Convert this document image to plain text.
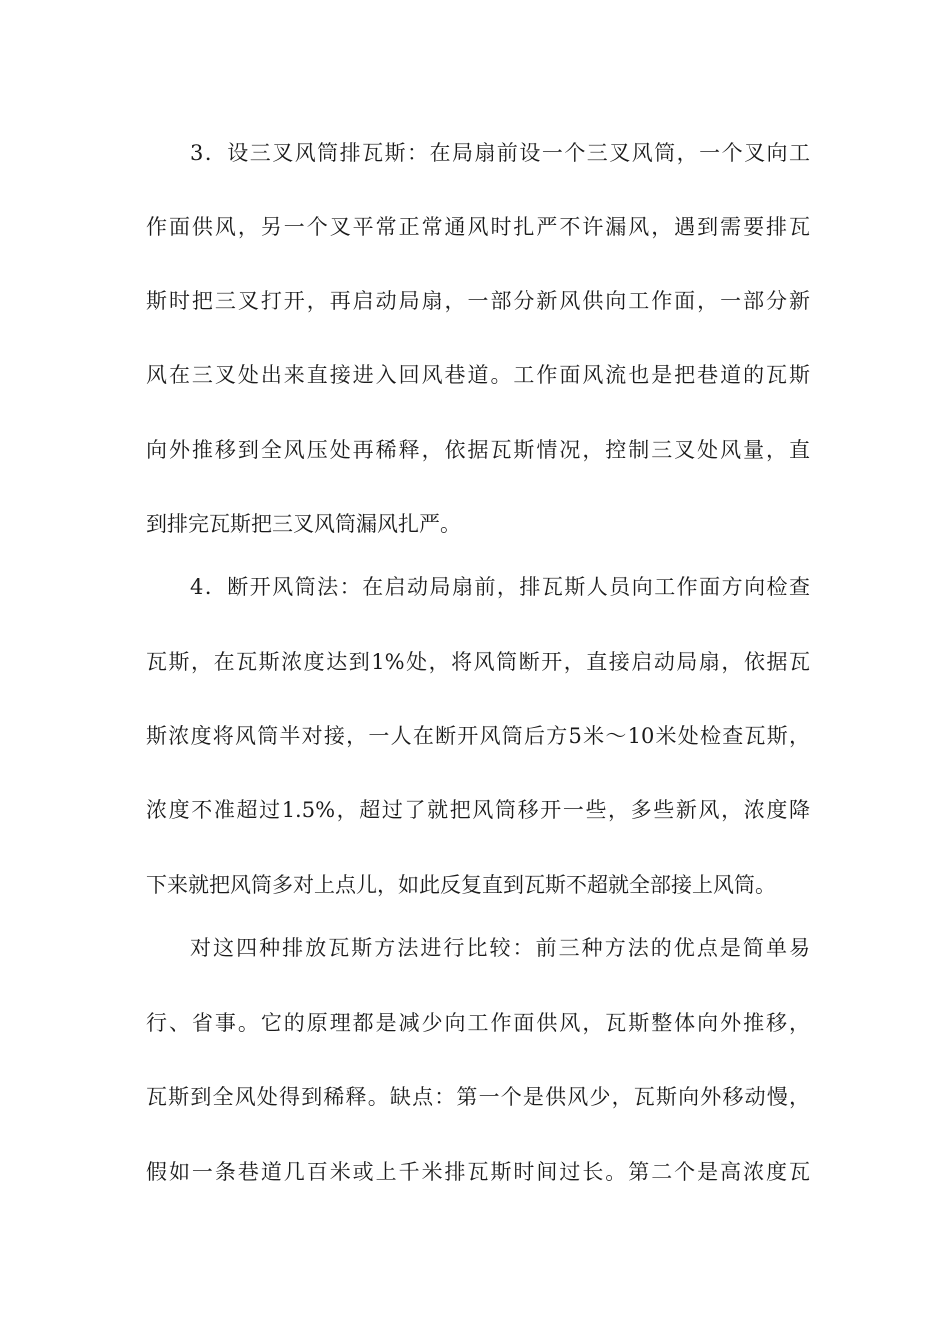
3．设三叉风筒排瓦斯：在局扇前设一个三叉风筒，一个叉向工
作面供风，另一个叉平常正常通风时扎严不许漏风，遇到需要排瓦
斯时把三叉打开，再启动局扇，一部分新风供向工作面，一部分新
风在三叉处出来直接进入回风巷道。工作面风流也是把巷道的瓦斯
向外推移到全风压处再稀释，依据瓦斯情况，控制三叉处风量，直
到排完瓦斯把三叉风筒漏风扎严。
4．断开风筒法：在启动局扇前，排瓦斯人员向工作面方向检查
瓦斯，在瓦斯浓度达到1%处，将风筒断开，直接启动局扇，依据瓦
斯浓度将风筒半对接，一人在断开风筒后方5米～10米处检查瓦斯，
浓度不准超过1.5%，超过了就把风筒移开一些，多些新风，浓度降
下来就把风筒多对上点儿，如此反复直到瓦斯不超就全部接上风筒。
对这四种排放瓦斯方法进行比较：前三种方法的优点是简单易
行、省事。它的原理都是减少向工作面供风，瓦斯整体向外推移，
瓦斯到全风处得到稀释。缺点：第一个是供风少，瓦斯向外移动慢，
假如一条巷道几百米或上千米排瓦斯时间过长。第二个是高浓度瓦
